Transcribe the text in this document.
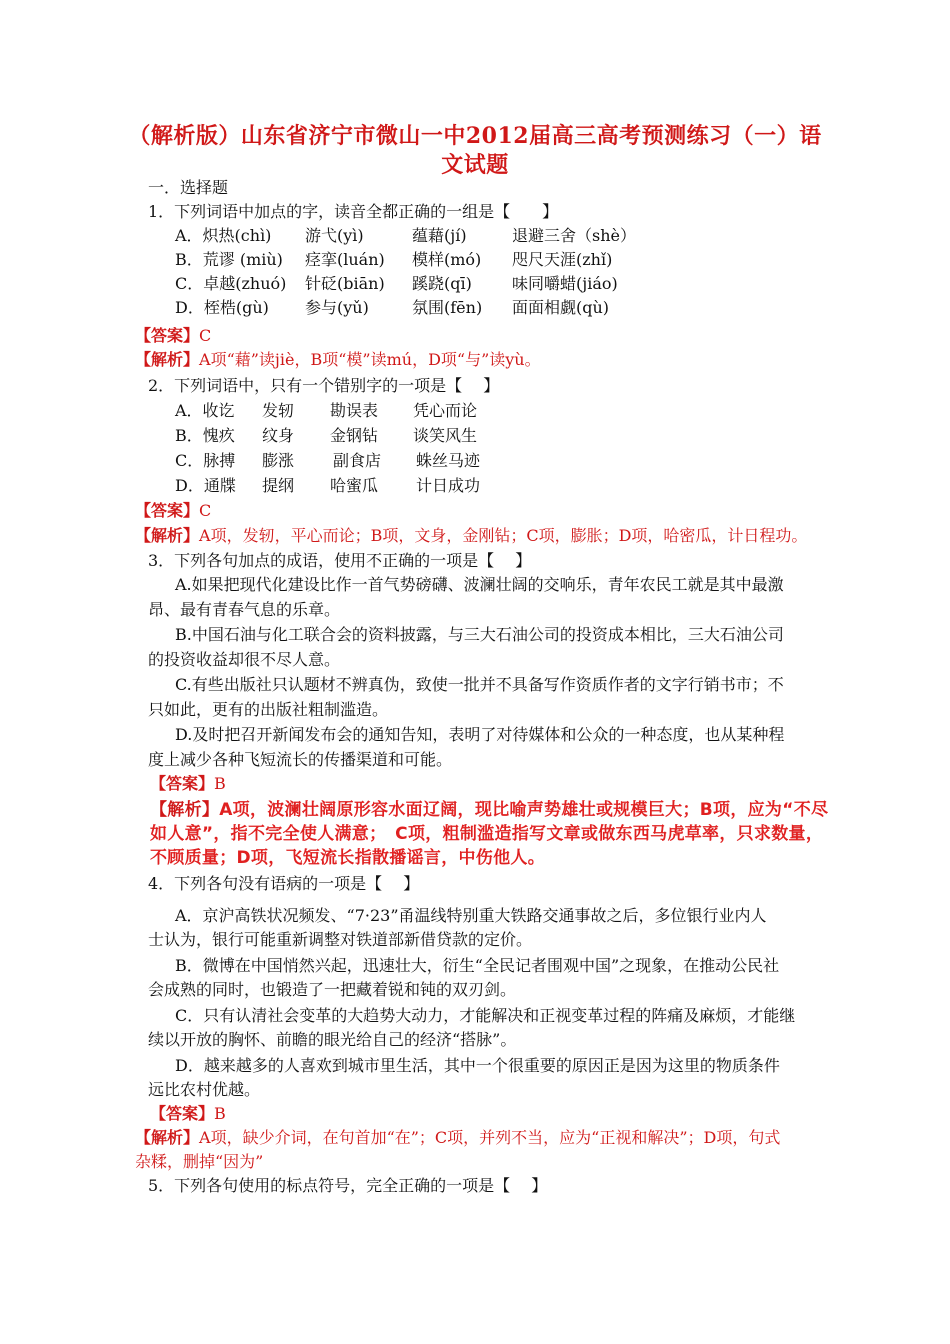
（解析版）山东省济宁市微山一中2012届高三高考预测练习（一）语
文试题
一．选择题
1．下列词语中加点的字，读音全都正确的一组是【　　】
A．炽热(chì) 游弋(yì)	蕴藉(jí)	退避三舍（shè）
B．荒谬 (miù) 痉挛(luán) 模样(mó) 咫尺天涯(zhǐ)
C．卓越(zhuó) 针砭(biān) 蹊跷(qī)	味同嚼蜡(jiáo)
D．桎梏(gù) 参与(yǔ)	氛围(fēn) 面面相觑(qù)
【答案】C
【解析】A项“藉”读jiè，B项“模”读mú，D项“与”读yù。
2．下列词语中，只有一个错别字的一项是【　 】
A．收讫 发轫 勘误表 凭心而论
B．愧疚 纹身 金钢钻 谈笑风生
C．脉搏 膨涨 副食店 蛛丝马迹
D．通牒 提纲 哈蜜瓜 计日成功
【答案】C
【解析】A项，发轫，平心而论；B项，文身，金刚钻；C项，膨胀；D项，哈密瓜，计日程功。
3．下列各句加点的成语，使用不正确的一项是【　 】
A.如果把现代化建设比作一首气势磅礴、波澜壮阔的交响乐，青年农民工就是其中最激
昂、最有青春气息的乐章。
B.中国石油与化工联合会的资料披露，与三大石油公司的投资成本相比，三大石油公司
的投资收益却很不尽人意。
C.有些出版社只认题材不辨真伪，致使一批并不具备写作资质作者的文字行销书市；不
只如此，更有的出版社粗制滥造。
D.及时把召开新闻发布会的通知告知，表明了对待媒体和公众的一种态度，也从某种程
度上减少各种飞短流长的传播渠道和可能。
【答案】B
【解析】A项，波澜壮阔原形容水面辽阔，现比喻声势雄壮或规模巨大；B项，应为“不尽
如人意”，指不完全使人满意；　C项，粗制滥造指写文章或做东西马虎草率，只求数量，
不顾质量；D项，飞短流长指散播谣言，中伤他人。
4．下列各句没有语病的一项是【　 】
A．京沪高铁状况频发、“7·23”甬温线特别重大铁路交通事故之后，多位银行业内人
士认为，银行可能重新调整对铁道部新借贷款的定价。
B．微博在中国悄然兴起，迅速壮大，衍生“全民记者围观中国”之现象，在推动公民社
会成熟的同时，也锻造了一把藏着锐和钝的双刃剑。
C．只有认清社会变革的大趋势大动力，才能解决和正视变革过程的阵痛及麻烦，才能继
续以开放的胸怀、前瞻的眼光给自己的经济“搭脉”。
D．越来越多的人喜欢到城市里生活，其中一个很重要的原因正是因为这里的物质条件
远比农村优越。
【答案】B
【解析】A项，缺少介词，在句首加“在”；C项，并列不当，应为“正视和解决”；D项，句式
杂糅，删掉“因为”
5．下列各句使用的标点符号，完全正确的一项是【　 】
